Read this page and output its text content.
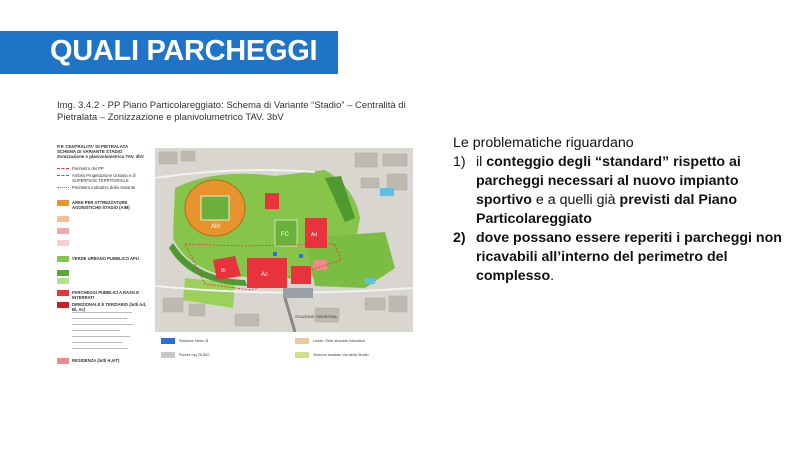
QUALI PARCHEGGI
Img. 3.4.2 - PP Piano Particolareggiato: Schema di Variante “Stadio” – Centralità di Pietralata – Zonizzazione e planivolumetrico TAV. 3bV
P.P. CENTRALITA' DI PIETRALATA
SCHEMA DI VARIANTE STADIO
Zonizzazione e planivolumetrico TAV. 3bV
Perimetro del PP
Ambito Progettazione Unitaria e di SUPERFICIE TERRITORIALE
Perimetro indicativo della Variante
AREE PER ATTREZZATURE AGONISTICHE-STADIO (AIM)
VERDE URBANO PUBBLICO APU
PARCHEGGI PUBBLICI A RASO E INTERRATI
DIREZIONALE E TERZIARIO (lotti Ad, Bl, Ac)
RESIDENZA (lotti H,IAT)
AM
FC	Ad
Bi
Ac
STAZIONE TIBURTINA
Stazione Metro B
Piazza mq 28.800
Limite: Rete stradale indicativa
Sezione stradale Via della Studio

Le problematiche riguardano

1) il conteggio degli “standard” rispetto ai parcheggi necessari al nuovo impianto sportivo e a quelli già previsti dal Piano Particolareggiato
2) dove possano essere reperiti i parcheggi non ricavabili all’interno del perimetro del complesso.
